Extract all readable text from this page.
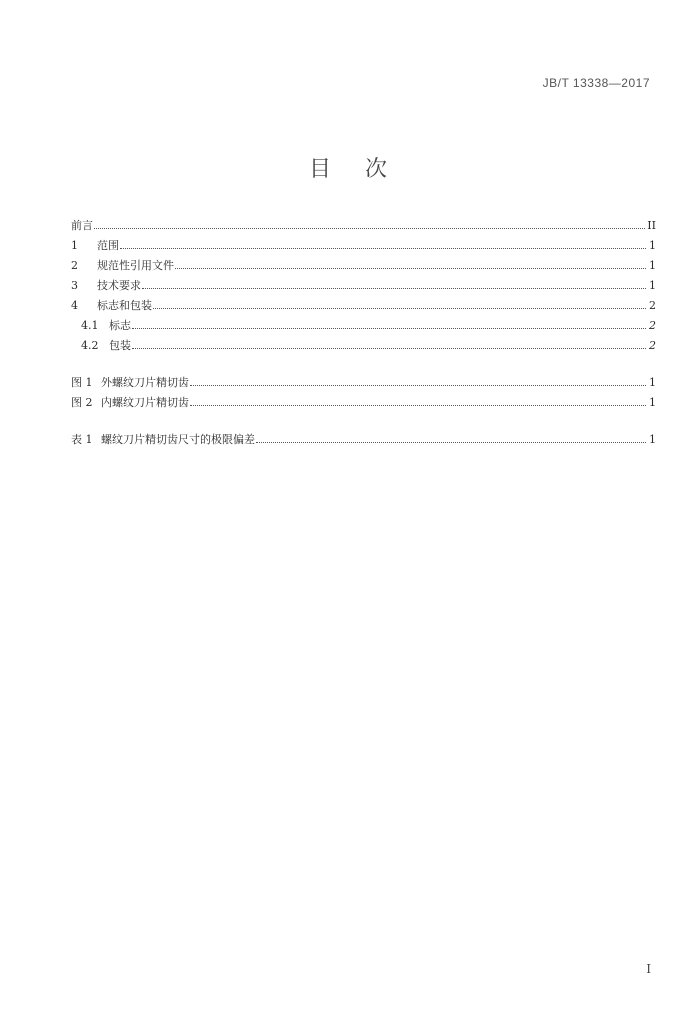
JB/T 13338—2017
目次
前言	II
1	范围	1
2	规范性引用文件	1
3	技术要求	1
4	标志和包装	2
4.1 标志	2
4.2 包装	2
图 1 外螺纹刀片精切齿	1
图 2 内螺纹刀片精切齿	1
表 1 螺纹刀片精切齿尺寸的极限偏差	1
I
